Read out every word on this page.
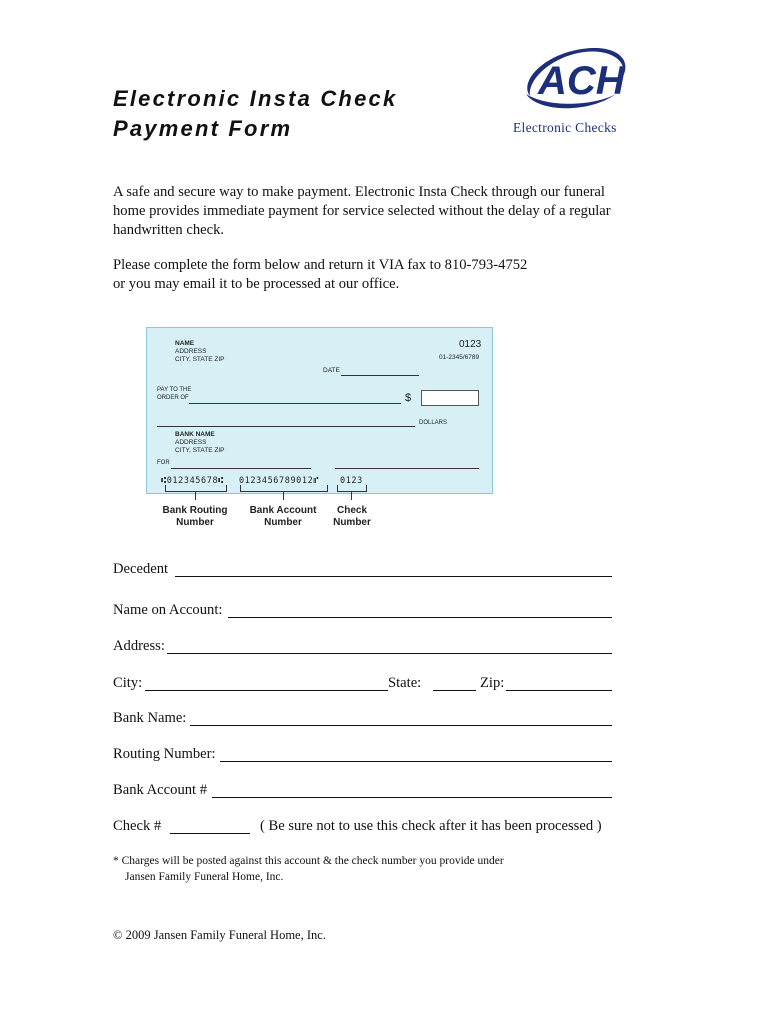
Electronic Insta Check
Payment Form
ACH
Electronic Checks
A safe and secure way to make payment. Electronic Insta Check through our funeral
home provides immediate payment for service selected without the delay of a regular
handwritten check.
Please complete the form below and return it VIA fax to 810-793-4752
or you may email it to be processed at our office.
NAME
ADDRESS
CITY, STATE ZIP
0123
01-2345/6789
DATE
PAY TO THE
ORDER OF	$
DOLLARS
BANK NAME
ADDRESS
CITY, STATE ZIP
FOR
⑆012345678⑆ 0123456789012⑈ 0123
Bank Routing
Number
Bank Account
Number
Check
Number
Decedent
Name on Account:
Address:
City:	State:	Zip:
Bank Name:
Routing Number:
Bank Account #
Check #	( Be sure not to use this check after it has been processed )
* Charges will be posted against this account & the check number you provide under
Jansen Family Funeral Home, Inc.
© 2009 Jansen Family Funeral Home, Inc.
